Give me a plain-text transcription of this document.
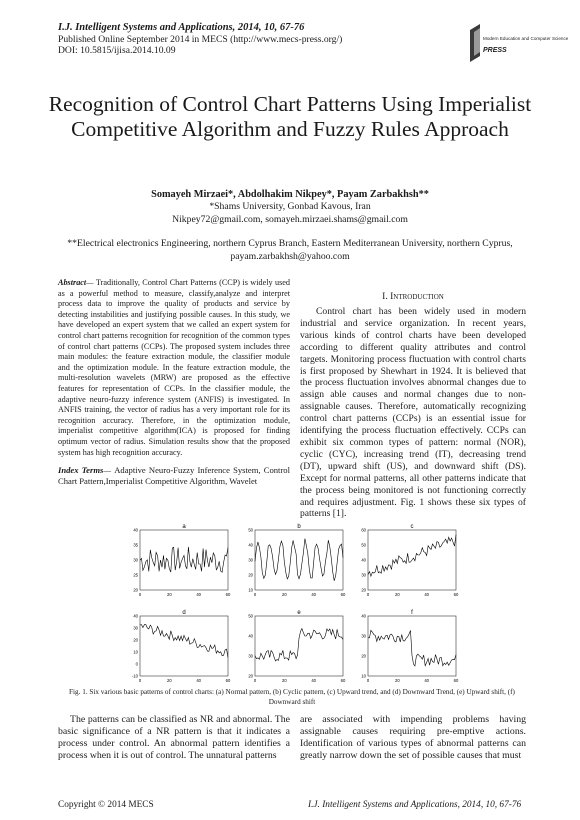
I.J. Intelligent Systems and Applications, 2014, 10, 67-76
Published Online September 2014 in MECS (http://www.mecs-press.org/)
DOI: 10.5815/ijisa.2014.10.09
Modern Education and Computer Science
PRESS
Recognition of Control Chart Patterns Using Imperialist Competitive Algorithm and Fuzzy Rules Approach
Somayeh Mirzaei*, Abdolhakim Nikpey*, Payam Zarbakhsh**
*Shams University, Gonbad Kavous, Iran
Nikpey72@gmail.com, somayeh.mirzaei.shams@gmail.com
**Electrical electronics Engineering, northern Cyprus Branch, Eastern Mediterranean University, northern Cyprus,
payam.zarbakhsh@yahoo.com
Abstract— Traditionally, Control Chart Patterns (CCP) is widely used as a powerful method to measure, classify,analyze and interpret process data to improve the quality of products and service by detecting instabilities and justifying possible causes. In this study, we have developed an expert system that we called an expert system for control chart patterns recognition for recognition of the common types of control chart patterns (CCPs). The proposed system includes three main modules: the feature extraction module, the classifier module and the optimization module. In the feature extraction module, the multi-resolution wavelets (MRW) are proposed as the effective features for representation of CCPs. In the classifier module, the adaptive neuro-fuzzy inference system (ANFIS) is investigated. In ANFIS training, the vector of radius has a very important role for its recognition accuracy. Therefore, in the optimization module, imperialist competitive algorithm(ICA) is proposed for finding optimum vector of radius. Simulation results show that the proposed system has high recognition accuracy.
Index Terms— Adaptive Neuro-Fuzzy Inference System, Control Chart Pattern,Imperialist Competitive Algorithm, Wavelet
I. Introduction
Control chart has been widely used in modern industrial and service organization. In recent years, various kinds of control charts have been developed according to different quality attributes and control targets. Monitoring process fluctuation with control charts is first proposed by Shewhart in 1924. It is believed that the process fluctuation involves abnormal changes due to assign able causes and normal changes due to non- assignable causes. Therefore, automatically recognizing control chart patterns (CCPs) is an essential issue for identifying the process fluctuation effectively. CCPs can exhibit six common types of pattern: normal (NOR), cyclic (CYC), increasing trend (IT), decreasing trend (DT), upward shift (US), and downward shift (DS). Except for normal patterns, all other patterns indicate that the process being monitored is not functioning correctly and requires adjustment. Fig. 1 shows these six types of patterns [1].
a
0	20	40	60
20
25
30
35
40	b
0	20	40	60
10
20
30
40
50	c
0	20	40	60
20
30
40
50
60
d
0	20	40	60
-10
0
10
20
30
40	e
0	20	40	60
20
30
40
50	f
0	20	40	60
10
20
30
40
Fig. 1. Six various basic patterns of control charts: (a) Normal pattern, (b) Cyclic pattern, (c) Upward trend, and (d) Downward Trend, (e) Upward shift, (f) Downward shift
The patterns can be classified as NR and abnormal. The basic significance of a NR pattern is that it indicates a process under control. An abnormal pattern identifies a process when it is out of control. The unnatural patterns
are associated with impending problems having assignable causes requiring pre-emptive actions. Identification of various types of abnormal patterns can greatly narrow down the set of possible causes that must
Copyright © 2014 MECS	I.J. Intelligent Systems and Applications, 2014, 10, 67-76
